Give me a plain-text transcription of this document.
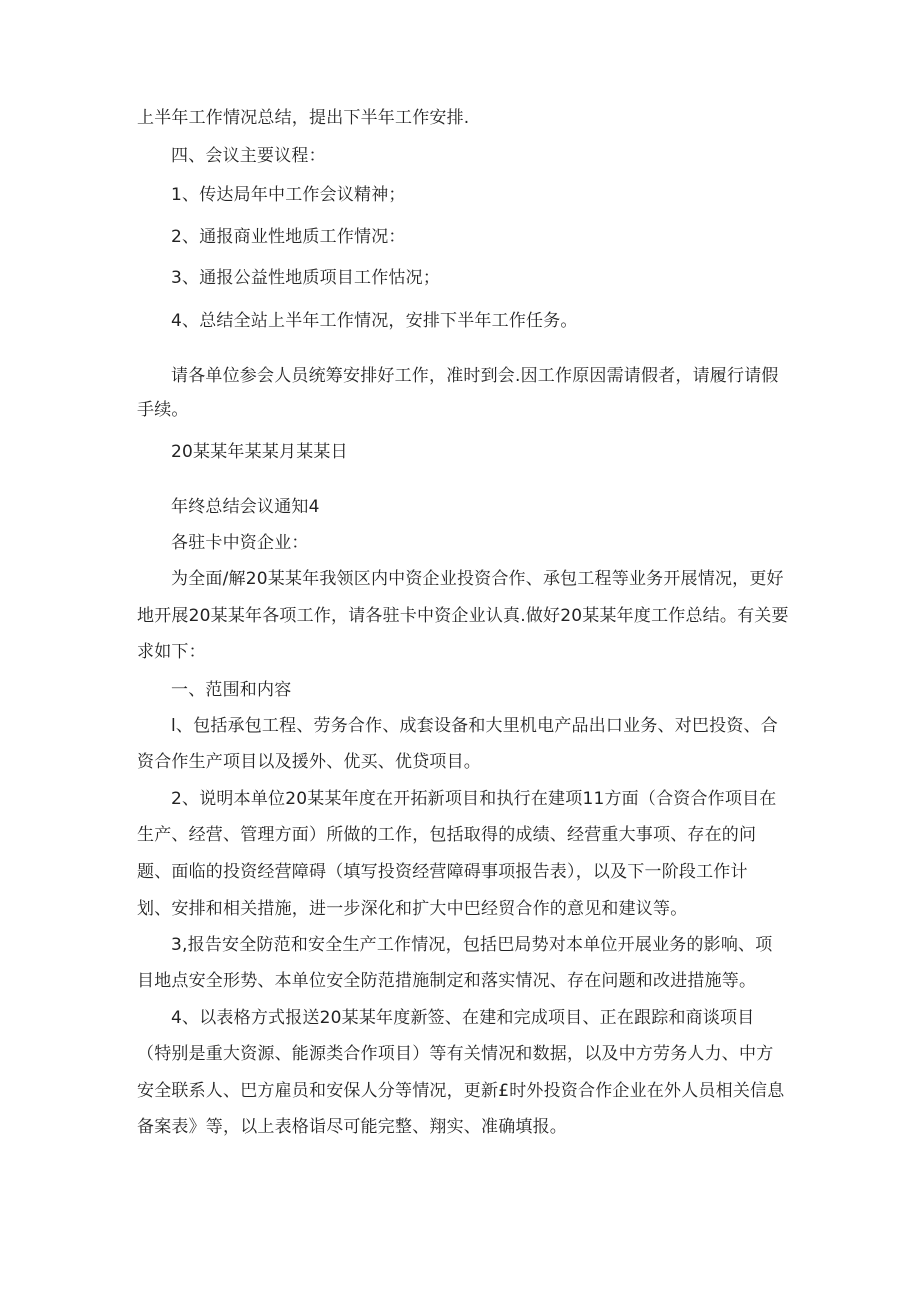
上半年工作情况总结，提出下半年工作安排.
四、会议主要议程：
1、传达局年中工作会议精神；
2、通报商业性地质工作情况：
3、通报公益性地质项目工作怙况；
4、总结全站上半年工作情况，安排下半年工作任务。
请各单位参会人员统筹安排好工作，准时到会.因工作原因需请假者，请履行请假
手续。
20某某年某某月某某日
年终总结会议通知4
各驻卡中资企业：
为全面/解20某某年我领区内中资企业投资合作、承包工程等业务开展情况，更好
地开展20某某年各项工作，请各驻卡中资企业认真.做好20某某年度工作总结。有关要
求如下：
一、范围和内容
l、包括承包工程、劳务合作、成套设备和大里机电产品出口业务、对巴投资、合
资合作生产项目以及援外、优买、优贷项目。
2、说明本单位20某某年度在开拓新项目和执行在建项11方面（合资合作项目在
生产、经营、管理方面）所做的工作，包括取得的成绩、经营重大事项、存在的问
题、面临的投资经营障碍（填写投资经营障碍事项报告表），以及下一阶段工作计
划、安排和相关措施，进一步深化和扩大中巴经贸合作的意见和建议等。
3,报告安全防范和安全生产工作情况，包括巴局势对本单位开展业务的影响、项
目地点安全形势、本单位安全防范措施制定和落实情况、存在问题和改进措施等。
4、以表格方式报送20某某年度新签、在建和完成项目、正在跟踪和商谈项目
（特别是重大资源、能源类合作项目）等有关情况和数据，以及中方劳务人力、中方
安全联系人、巴方雇员和安保人分等情况，更新£时外投资合作企业在外人员相关信息
备案表》等，以上表格诣尽可能完整、翔实、准确填报。
